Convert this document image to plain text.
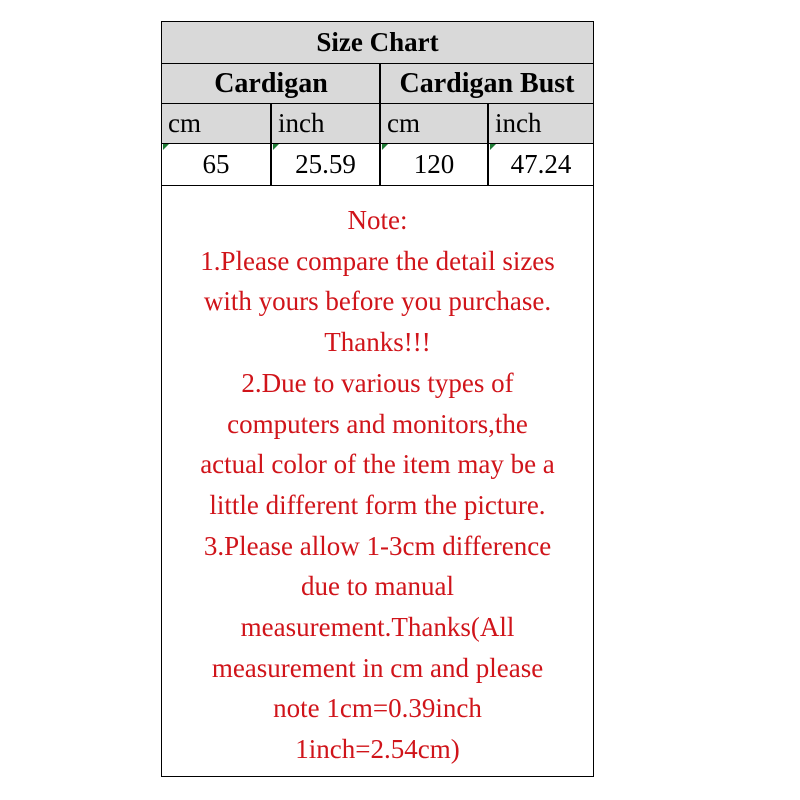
Size Chart
Cardigan	Cardigan Bust
cm	inch	cm	inch
65	25.59	120	47.24
Note:
1.Please compare the detail sizes
with yours before you purchase.
Thanks!!!
2.Due to various types of
computers and monitors,the
actual color of the item may be a
little different form the picture.
3.Please allow 1-3cm difference
due to manual
measurement.Thanks(All
measurement in cm and please
note 1cm=0.39inch
1inch=2.54cm)
